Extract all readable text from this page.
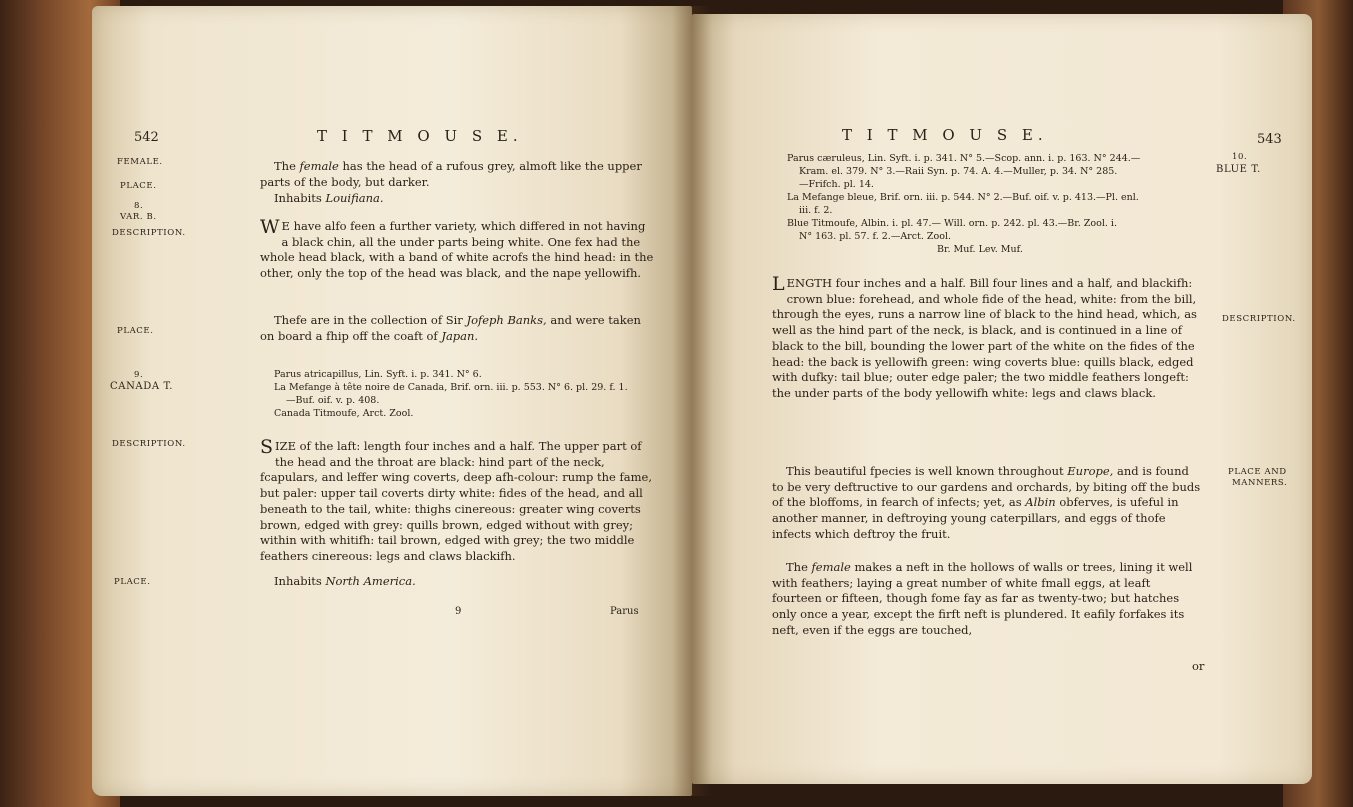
542	T I T M O U S E.
FEMALE.
PLACE.
8.
VAR. B.
DESCRIPTION.
PLACE.
9.
CANADA T.
DESCRIPTION.
PLACE.

The female has the head of a rufous grey, almoft like the upper parts of the body, but darker.

Inhabits Louifiana.

W E have alfo feen a further variety, which differed in not having a black chin, all the under parts being white. One fex had the whole head black, with a band of white acrofs the hind head: in the other, only the top of the head was black, and the nape yellowifh.

Thefe are in the collection of Sir Jofeph Banks, and were taken on board a fhip off the coaft of Japan.

Parus atricapillus, Lin. Syft. i. p. 341. N° 6.
La Mefange à tête noire de Canada, Brif. orn. iii. p. 553. N° 6. pl. 29. f. 1.
—Buf. oif. v. p. 408.
Canada Titmoufe, Arct. Zool.

SIZE of the laft: length four inches and a half. The upper part of the head and the throat are black: hind part of the neck, fcapulars, and leffer wing coverts, deep afh-colour: rump the fame, but paler: upper tail coverts dirty white: fides of the head, and all beneath to the tail, white: thighs cinereous: greater wing coverts brown, edged with grey: quills brown, edged without with grey; within with whitifh: tail brown, edged with grey; the two middle feathers cinereous: legs and claws blackifh.

Inhabits North America.

9	Parus
T I T M O U S E.	543
10.
BLUE T.
DESCRIPTION.
PLACE AND
MANNERS.
Parus cæruleus, Lin. Syft. i. p. 341. N° 5.—Scop. ann. i. p. 163. N° 244.—
Kram. el. 379. N° 3.—Raii Syn. p. 74. A. 4.—Muller, p. 34. N° 285.
—Frifch. pl. 14.
La Mefange bleue, Brif. orn. iii. p. 544. N° 2.—Buf. oif. v. p. 413.—Pl. enl.
iii. f. 2.
Blue Titmoufe, Albin. i. pl. 47.— Will. orn. p. 242. pl. 43.—Br. Zool. i.
N° 163. pl. 57. f. 2.—Arct. Zool.
Br. Muf. Lev. Muf.

LENGTH four inches and a half. Bill four lines and a half, and blackifh: crown blue: forehead, and whole fide of the head, white: from the bill, through the eyes, runs a narrow line of black to the hind head, which, as well as the hind part of the neck, is black, and is continued in a line of black to the bill, bounding the lower part of the white on the fides of the head: the back is yellowifh green: wing coverts blue: quills black, edged with dufky: tail blue; outer edge paler; the two middle feathers longeft: the under parts of the body yellowifh white: legs and claws black.

This beautiful fpecies is well known throughout Europe, and is found to be very deftructive to our gardens and orchards, by biting off the buds of the bloffoms, in fearch of infects; yet, as Albin obferves, is ufeful in another manner, in deftroying young caterpillars, and eggs of thofe infects which deftroy the fruit.

The female makes a neft in the hollows of walls or trees, lining it well with feathers; laying a great number of white fmall eggs, at leaft fourteen or fifteen, though fome fay as far as twenty-two; but hatches only once a year, except the firft neft is plundered. It eafily forfakes its neft, even if the eggs are touched,

or
